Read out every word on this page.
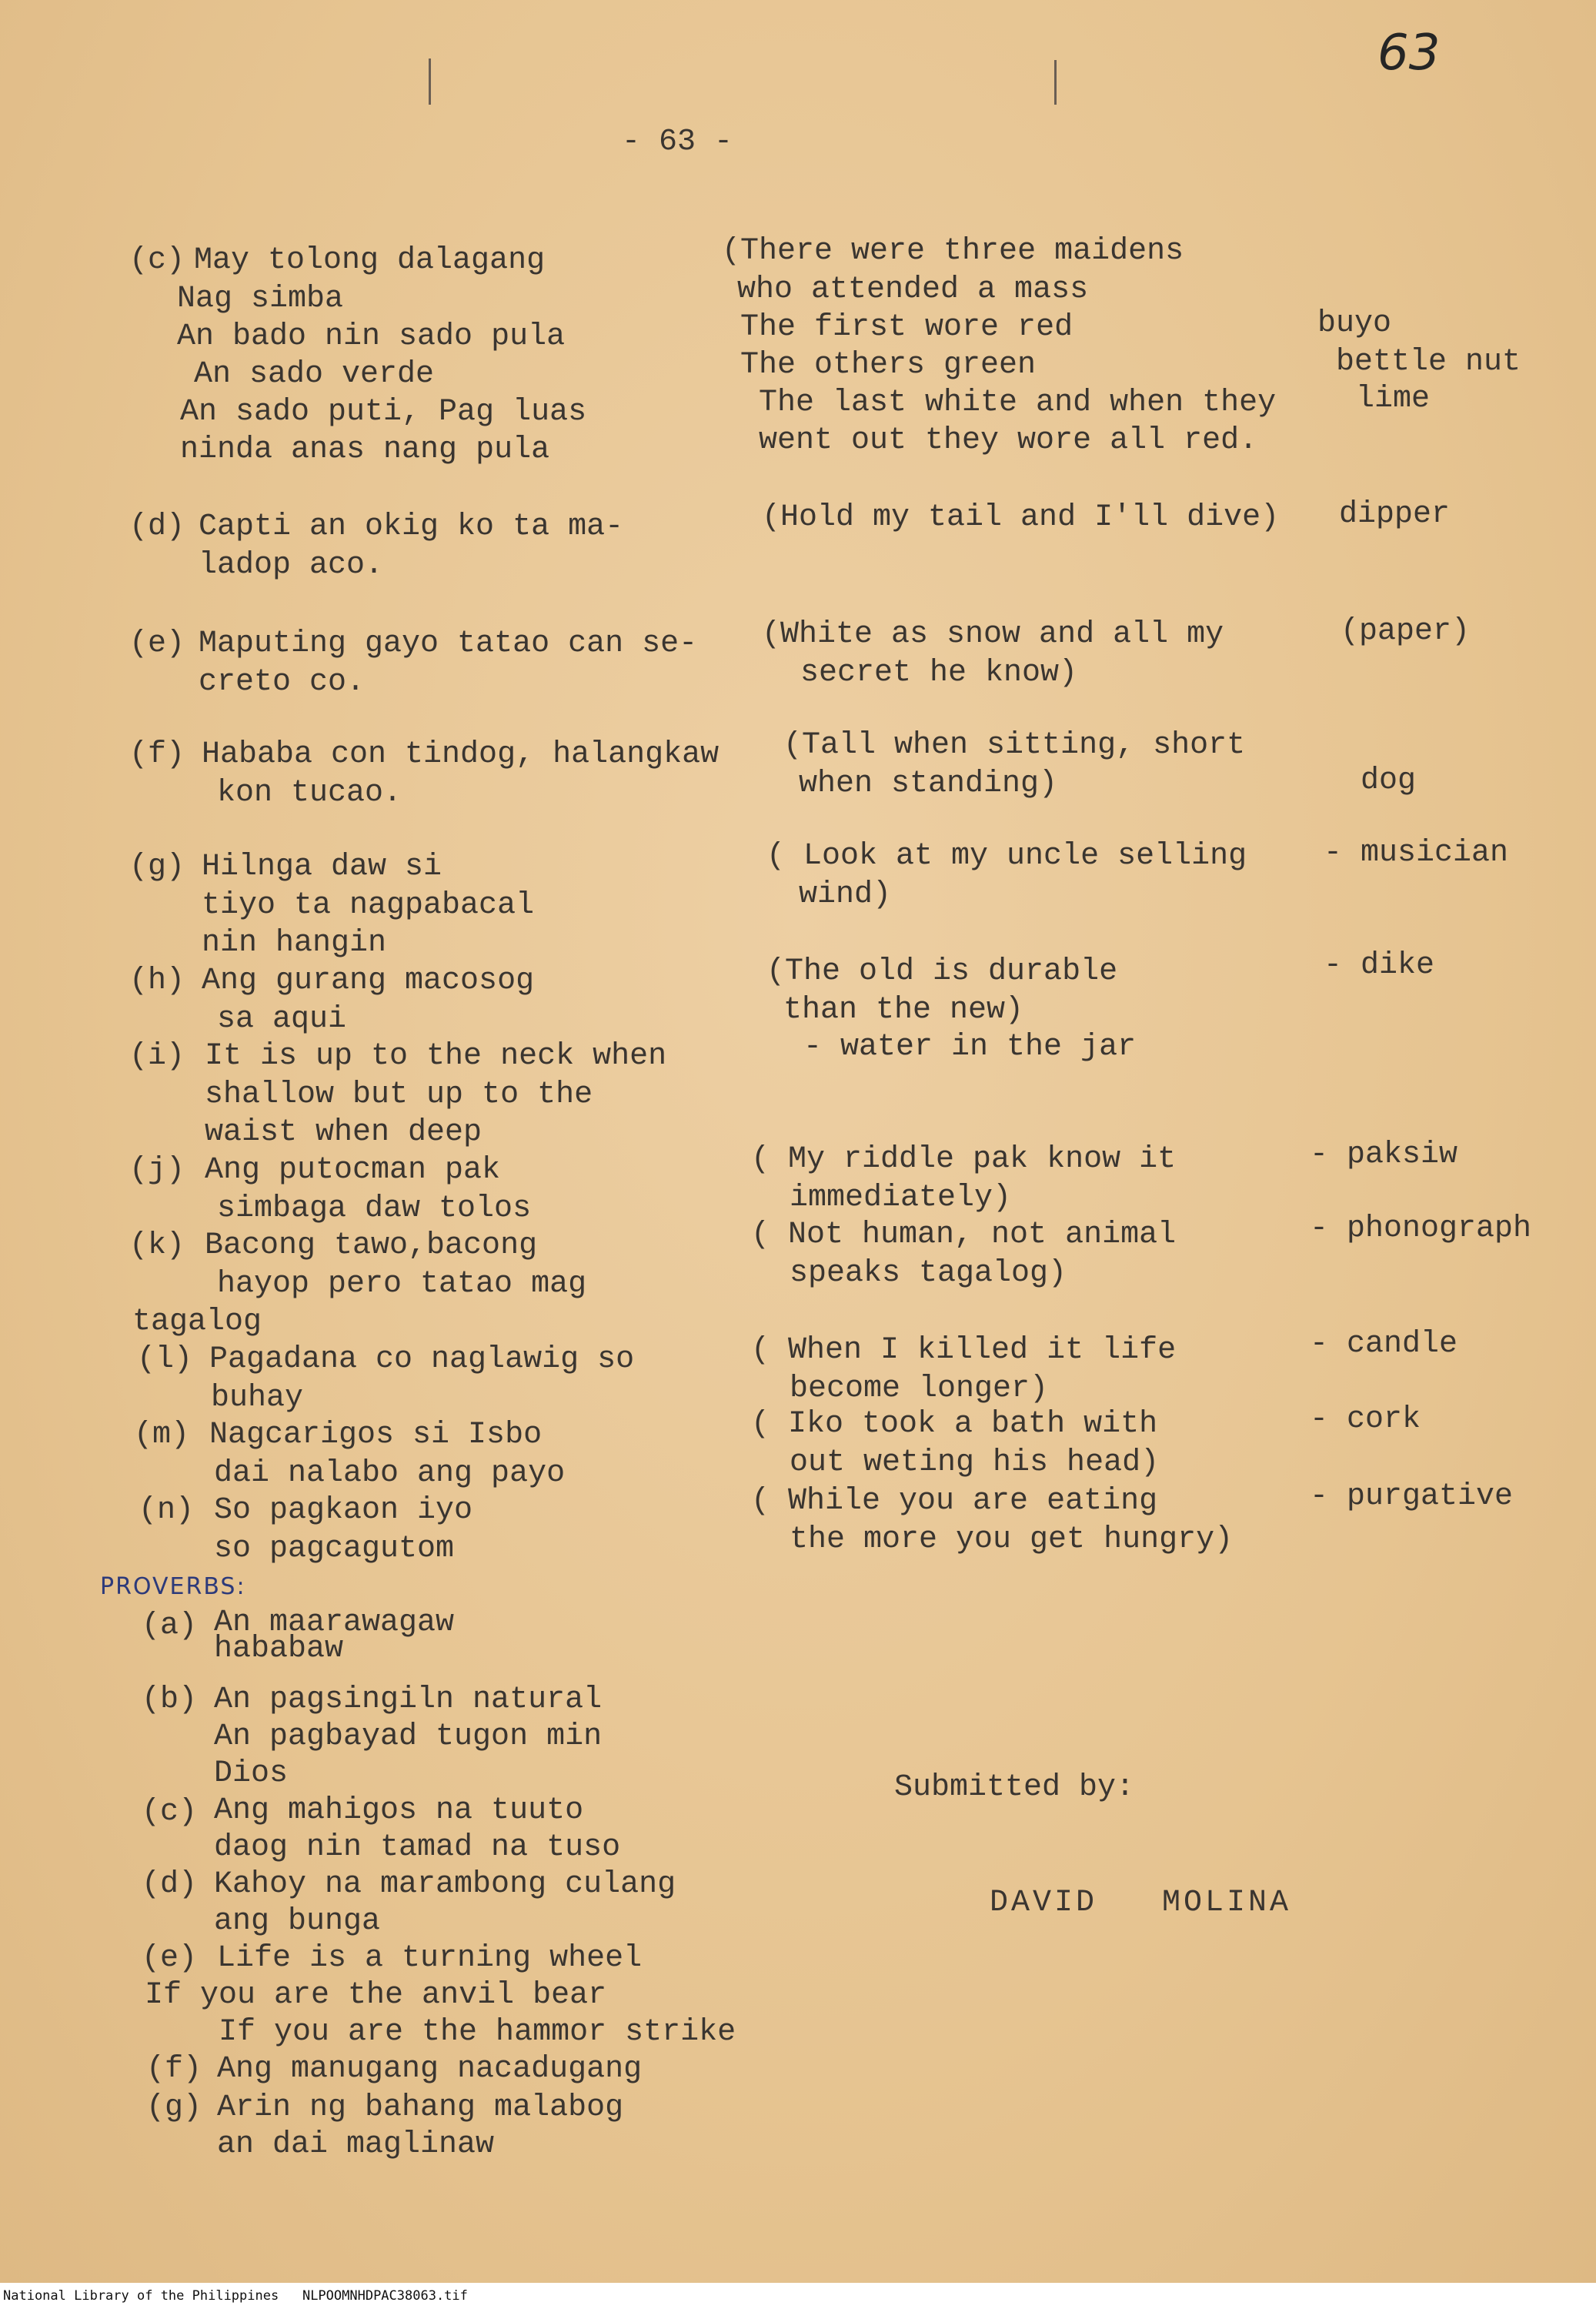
63
- 63 -
(c) May tolong dalagang
Nag simba
An bado nin sado pula
An sado verde
An sado puti, Pag luas
ninda anas nang pula
(There were three maidens
who attended a mass
The first wore red
The others green
The last white and when they
went out they wore all red.
buyo
bettle nut
lime
(d) Capti an okig ko ta ma-
ladop aco.
(Hold my tail and I'll dive) dipper
(e) Maputing gayo tatao can se-
creto co.
(White as snow and all my
secret he know)
(paper)
(f) Hababa con tindog, halangkaw
kon tucao.
(Tall when sitting, short
when standing)	dog
(g) Hilnga daw si
tiyo ta nagpabacal
nin hangin
( Look at my uncle selling
wind)
- musician
(h) Ang gurang macosog
sa aqui
(The old is durable
than the new)
- dike
(i) It is up to the neck when
shallow but up to the
waist when deep
- water in the jar
(j) Ang putocman pak
simbaga daw tolos
( My riddle pak know it
immediately)
- paksiw
(k) Bacong tawo,bacong
hayop pero tatao mag
tagalog
( Not human, not animal
speaks tagalog)
- phonograph
(l) Pagadana co naglawig so
buhay
( When I killed it life
become longer)
- candle
(m) Nagcarigos si Isbo
dai nalabo ang payo
( Iko took a bath with
out weting his head)
- cork
(n) So pagkaon iyo
so pagcagutom
( While you are eating
the more you get hungry)
- purgative
PROVERBS:
(a) An maarawagaw
hababaw
(b) An pagsingiln natural
An pagbayad tugon min
Dios
(c) Ang mahigos na tuuto
daog nin tamad na tuso
(d) Kahoy na marambong culang
ang bunga
(e) Life is a turning wheel
If you are the anvil bear
If you are the hammor strike
(f) Ang manugang nacadugang
(g) Arin ng bahang malabog
an dai maglinaw
Submitted by:
DAVID   MOLINA
National Library of the Philippines NLPOOMNHDPAC38063.tif
